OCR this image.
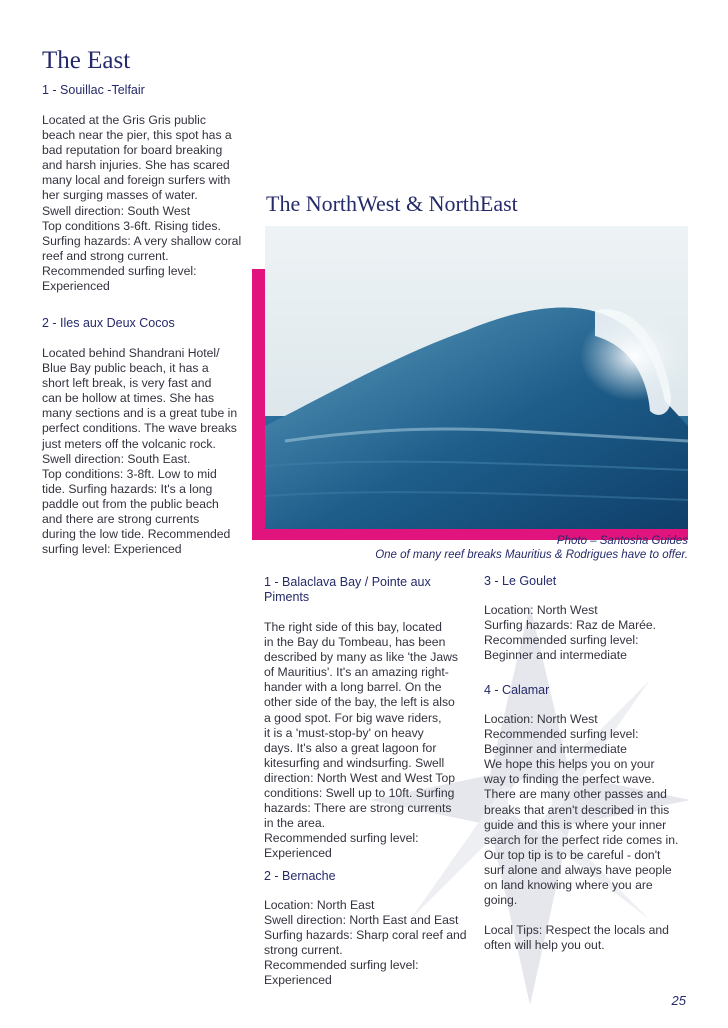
The East
1 - Souillac -Telfair
Located at the Gris Gris public
beach near the pier, this spot has a
bad reputation for board breaking
and harsh injuries. She has scared
many local and foreign surfers with
her surging masses of water.
Swell direction: South West
Top conditions 3-6ft. Rising tides.
Surfing hazards: A very shallow coral
reef and strong current.
Recommended surfing level:
Experienced
2 - Iles aux Deux Cocos
Located behind Shandrani Hotel/
Blue Bay public beach, it has a
short left break, is very fast and
can be hollow at times. She has
many sections and is a great tube in
perfect conditions. The wave breaks
just meters off the volcanic rock.
Swell direction: South East.
Top conditions: 3-8ft. Low to mid
tide. Surfing hazards: It's a long
paddle out from the public beach
and there are strong currents
during the low tide. Recommended
surfing level: Experienced
The NorthWest & NorthEast
Photo – Santosha Guides
One of many reef breaks Mauritius & Rodrigues have to offer.
1 - Balaclava Bay / Pointe aux
Piments
The right side of this bay, located
in the Bay du Tombeau, has been
described by many as like 'the Jaws
of Mauritius'. It's an amazing right-
hander with a long barrel. On the
other side of the bay, the left is also
a good spot. For big wave riders,
it is a 'must-stop-by' on heavy
days. It's also a great lagoon for
kitesurfing and windsurfing. Swell
direction: North West and West Top
conditions: Swell up to 10ft. Surfing
hazards: There are strong currents
in the area.
Recommended surfing level:
Experienced
2 - Bernache
Location: North East
Swell direction: North East and East
Surfing hazards: Sharp coral reef and
strong current.
Recommended surfing level:
Experienced
3 - Le Goulet
Location: North West
Surfing hazards: Raz de Marée.
Recommended surfing level:
Beginner and intermediate
4 - Calamar
Location: North West
Recommended surfing level:
Beginner and intermediate
We hope this helps you on your
way to finding the perfect wave.
There are many other passes and
breaks that aren't described in this
guide and this is where your inner
search for the perfect ride comes in.
Our top tip is to be careful - don't
surf alone and always have people
on land knowing where you are
going.
Local Tips: Respect the locals and
often will help you out.
25
